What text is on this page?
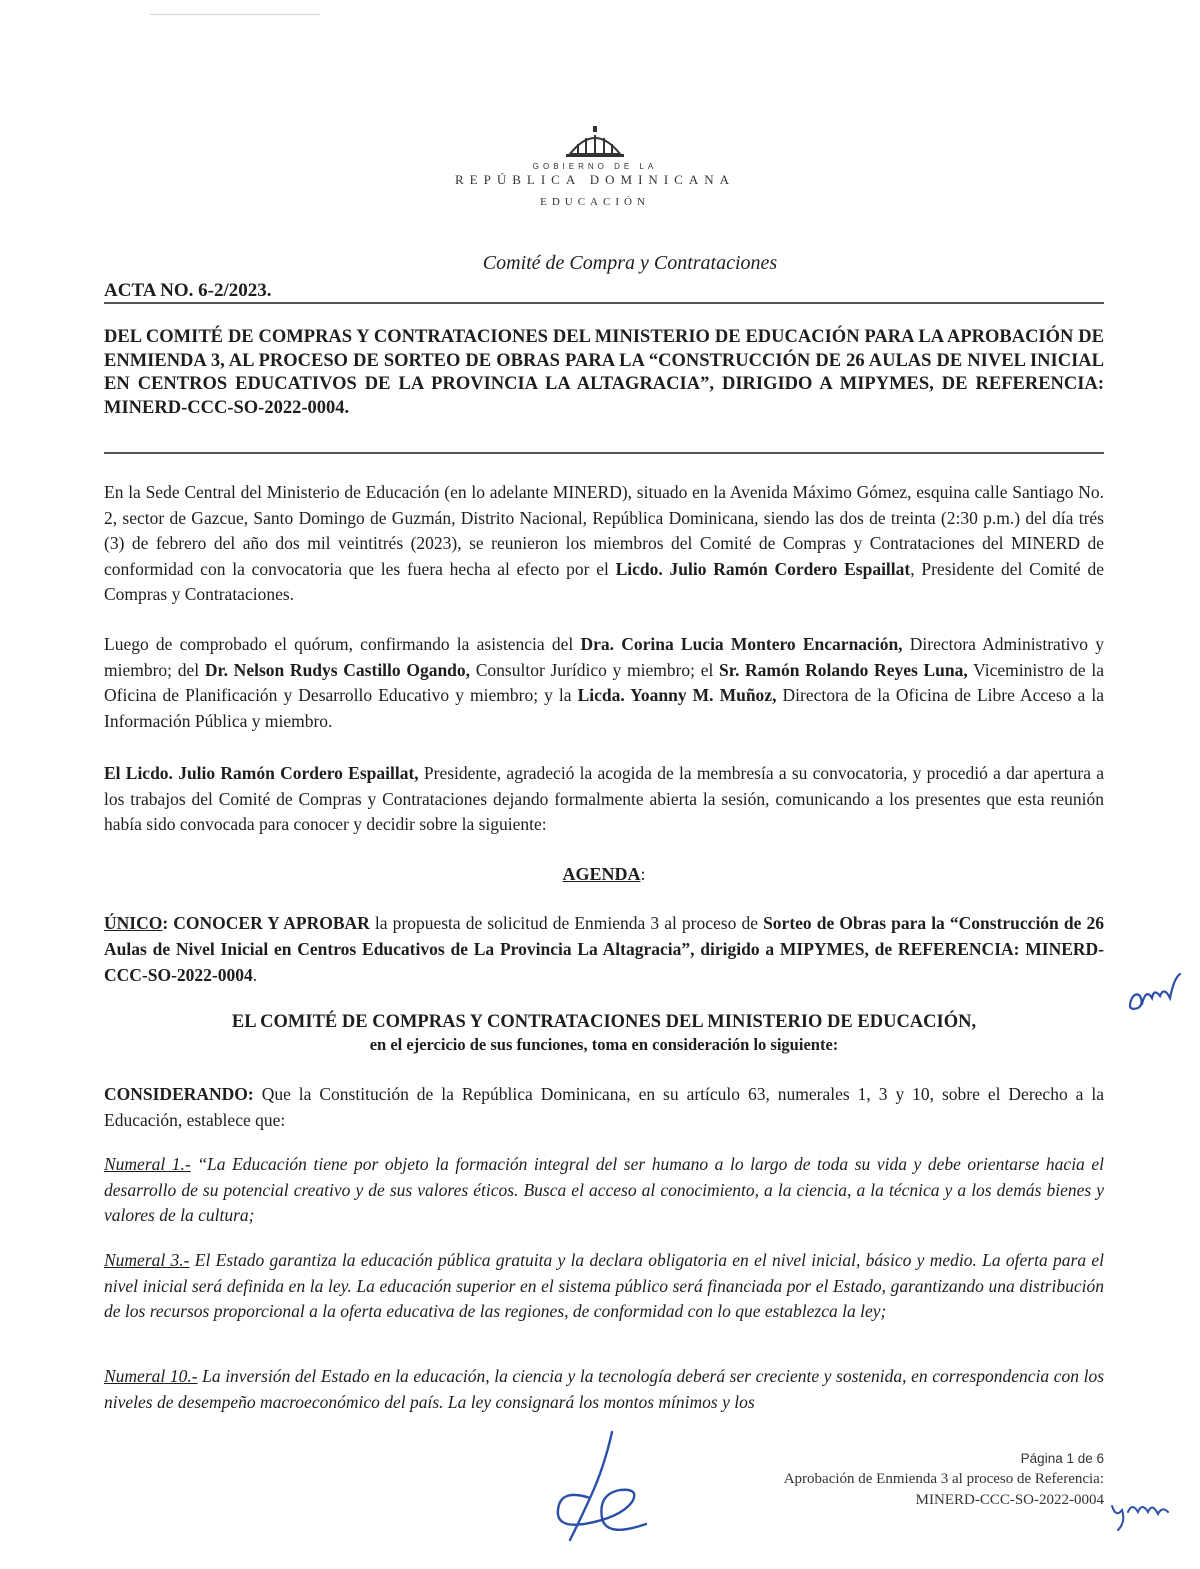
GOBIERNO DE LA
REPÚBLICA DOMINICANA
EDUCACIÓN
Comité de Compra y Contrataciones
ACTA NO. 6-2/2023.
DEL COMITÉ DE COMPRAS Y CONTRATACIONES DEL MINISTERIO DE EDUCACIÓN PARA LA APROBACIÓN DE ENMIENDA 3, AL PROCESO DE SORTEO DE OBRAS PARA LA “CONSTRUCCIÓN DE 26 AULAS DE NIVEL INICIAL EN CENTROS EDUCATIVOS DE LA PROVINCIA LA ALTAGRACIA”, DIRIGIDO A MIPYMES, DE REFERENCIA: MINERD-CCC-SO-2022-0004.
En la Sede Central del Ministerio de Educación (en lo adelante MINERD), situado en la Avenida Máximo Gómez, esquina calle Santiago No. 2, sector de Gazcue, Santo Domingo de Guzmán, Distrito Nacional, República Dominicana, siendo las dos de treinta (2:30 p.m.) del día trés (3) de febrero del año dos mil veintitrés (2023), se reunieron los miembros del Comité de Compras y Contrataciones del MINERD de conformidad con la convocatoria que les fuera hecha al efecto por el Licdo. Julio Ramón Cordero Espaillat, Presidente del Comité de Compras y Contrataciones.
Luego de comprobado el quórum, confirmando la asistencia del Dra. Corina Lucia Montero Encarnación, Directora Administrativo y miembro; del Dr. Nelson Rudys Castillo Ogando, Consultor Jurídico y miembro; el Sr. Ramón Rolando Reyes Luna, Viceministro de la Oficina de Planificación y Desarrollo Educativo y miembro; y la Licda. Yoanny M. Muñoz, Directora de la Oficina de Libre Acceso a la Información Pública y miembro.
El Licdo. Julio Ramón Cordero Espaillat, Presidente, agradeció la acogida de la membresía a su convocatoria, y procedió a dar apertura a los trabajos del Comité de Compras y Contrataciones dejando formalmente abierta la sesión, comunicando a los presentes que esta reunión había sido convocada para conocer y decidir sobre la siguiente:
AGENDA:
ÚNICO: CONOCER Y APROBAR la propuesta de solicitud de Enmienda 3 al proceso de Sorteo de Obras para la “Construcción de 26 Aulas de Nivel Inicial en Centros Educativos de La Provincia La Altagracia”, dirigido a MIPYMES, de REFERENCIA: MINERD-CCC-SO-2022-0004.
EL COMITÉ DE COMPRAS Y CONTRATACIONES DEL MINISTERIO DE EDUCACIÓN,
en el ejercicio de sus funciones, toma en consideración lo siguiente:
CONSIDERANDO: Que la Constitución de la República Dominicana, en su artículo 63, numerales 1, 3 y 10, sobre el Derecho a la Educación, establece que:
Numeral 1.- “La Educación tiene por objeto la formación integral del ser humano a lo largo de toda su vida y debe orientarse hacia el desarrollo de su potencial creativo y de sus valores éticos. Busca el acceso al conocimiento, a la ciencia, a la técnica y a los demás bienes y valores de la cultura;
Numeral 3.- El Estado garantiza la educación pública gratuita y la declara obligatoria en el nivel inicial, básico y medio. La oferta para el nivel inicial será definida en la ley. La educación superior en el sistema público será financiada por el Estado, garantizando una distribución de los recursos proporcional a la oferta educativa de las regiones, de conformidad con lo que establezca la ley;
Numeral 10.- La inversión del Estado en la educación, la ciencia y la tecnología deberá ser creciente y sostenida, en correspondencia con los niveles de desempeño macroeconómico del país. La ley consignará los montos mínimos y los
Página 1 de 6
Aprobación de Enmienda 3 al proceso de Referencia:
MINERD-CCC-SO-2022-0004
